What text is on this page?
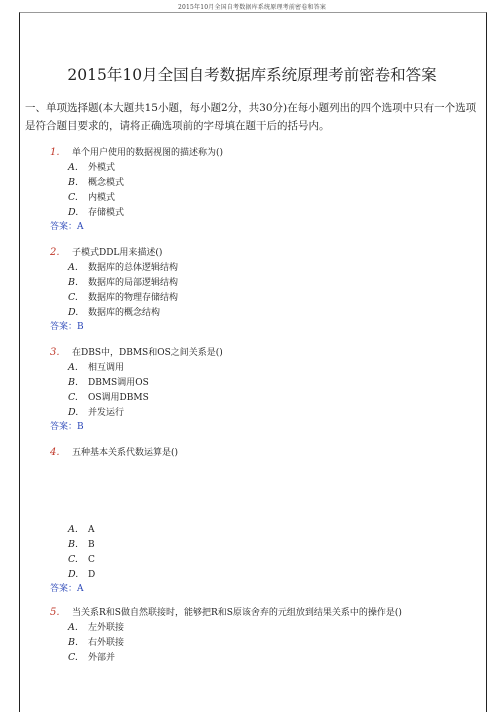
2015年10月全国自考数据库系统原理考前密卷和答案
2015年10月全国自考数据库系统原理考前密卷和答案
一、单项选择题(本大题共15小题，每小题2分，共30分)在每小题列出的四个选项中只有一个选项是符合题目要求的，请将正确选项前的字母填在题干后的括号内。
1. 单个用户使用的数据视图的描述称为()
A. 外模式
B. 概念模式
C. 内模式
D. 存储模式
答案：A
2. 子模式DDL用来描述()
A. 数据库的总体逻辑结构
B. 数据库的局部逻辑结构
C. 数据库的物理存储结构
D. 数据库的概念结构
答案：B
3. 在DBS中，DBMS和OS之间关系是()
A. 相互调用
B. DBMS调用OS
C. OS调用DBMS
D. 并发运行
答案：B
4. 五种基本关系代数运算是()
A. A
B. B
C. C
D. D
答案：A
5. 当关系R和S做自然联接时，能够把R和S原该舍弃的元组放到结果关系中的操作是()
A. 左外联接
B. 右外联接
C. 外部并
